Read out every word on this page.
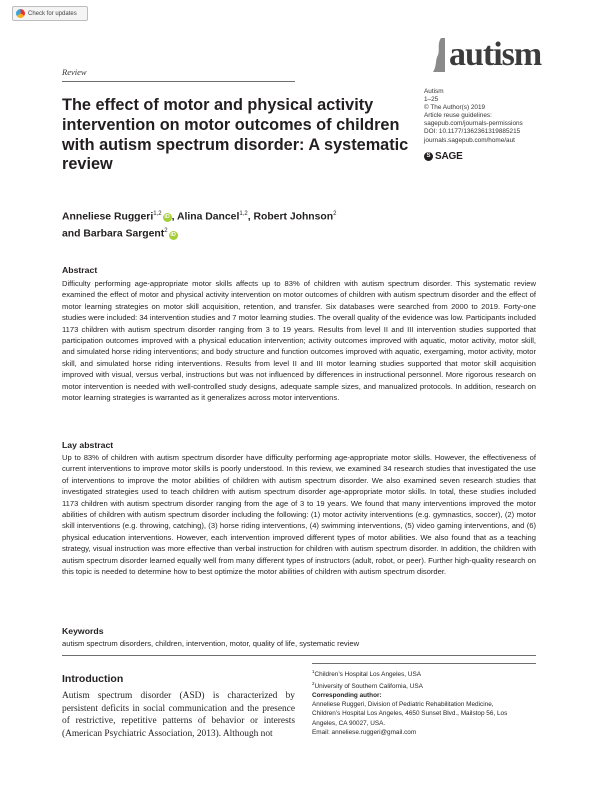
Check for updates
Review	autism
Autism
1–25
© The Author(s) 2019
Article reuse guidelines:
sagepub.com/journals-permissions
DOI: 10.1177/1362361319885215
journals.sagepub.com/home/aut
S SAGE
The effect of motor and physical activity intervention on motor outcomes of children with autism spectrum disorder: A systematic review
Anneliese Ruggeri$^{1,2}$iD , Alina Dancel$^{1,2}$, Robert Johnson$^2$
and Barbara Sargent$^2$iD
Abstract
Difficulty performing age-appropriate motor skills affects up to 83% of children with autism spectrum disorder. This systematic review examined the effect of motor and physical activity intervention on motor outcomes of children with autism spectrum disorder and the effect of motor learning strategies on motor skill acquisition, retention, and transfer. Six databases were searched from 2000 to 2019. Forty-one studies were included: 34 intervention studies and 7 motor learning studies. The overall quality of the evidence was low. Participants included 1173 children with autism spectrum disorder ranging from 3 to 19 years. Results from level II and III intervention studies supported that participation outcomes improved with a physical education intervention; activity outcomes improved with aquatic, motor activity, motor skill, and simulated horse riding interventions; and body structure and function outcomes improved with aquatic, exergaming, motor activity, motor skill, and simulated horse riding interventions. Results from level II and III motor learning studies supported that motor skill acquisition improved with visual, versus verbal, instructions but was not influenced by differences in instructional personnel. More rigorous research on motor intervention is needed with well-controlled study designs, adequate sample sizes, and manualized protocols. In addition, research on motor learning strategies is warranted as it generalizes across motor interventions.
Lay abstract
Up to 83% of children with autism spectrum disorder have difficulty performing age-appropriate motor skills. However, the effectiveness of current interventions to improve motor skills is poorly understood. In this review, we examined 34 research studies that investigated the use of interventions to improve the motor abilities of children with autism spectrum disorder. We also examined seven research studies that investigated strategies used to teach children with autism spectrum disorder age-appropriate motor skills. In total, these studies included 1173 children with autism spectrum disorder ranging from the age of 3 to 19 years. We found that many interventions improved the motor abilities of children with autism spectrum disorder including the following: (1) motor activity interventions (e.g. gymnastics, soccer), (2) motor skill interventions (e.g. throwing, catching), (3) horse riding interventions, (4) swimming interventions, (5) video gaming interventions, and (6) physical education interventions. However, each intervention improved different types of motor abilities. We also found that as a teaching strategy, visual instruction was more effective than verbal instruction for children with autism spectrum disorder. In addition, the children with autism spectrum disorder learned equally well from many different types of instructors (adult, robot, or peer). Further high-quality research on this topic is needed to determine how to best optimize the motor abilities of children with autism spectrum disorder.
Keywords
autism spectrum disorders, children, intervention, motor, quality of life, systematic review
Introduction
Autism spectrum disorder (ASD) is characterized by persistent deficits in social communication and the presence of restrictive, repetitive patterns of behavior or interests (American Psychiatric Association, 2013). Although not
$^1$Children’s Hospital Los Angeles, USA
$^2$University of Southern California, USA
Corresponding author:
Anneliese Ruggeri, Division of Pediatric Rehabilitation Medicine,
Children’s Hospital Los Angeles, 4650 Sunset Blvd., Mailstop 56, Los
Angeles, CA 90027, USA.
Email: anneliese.ruggeri@gmail.com
